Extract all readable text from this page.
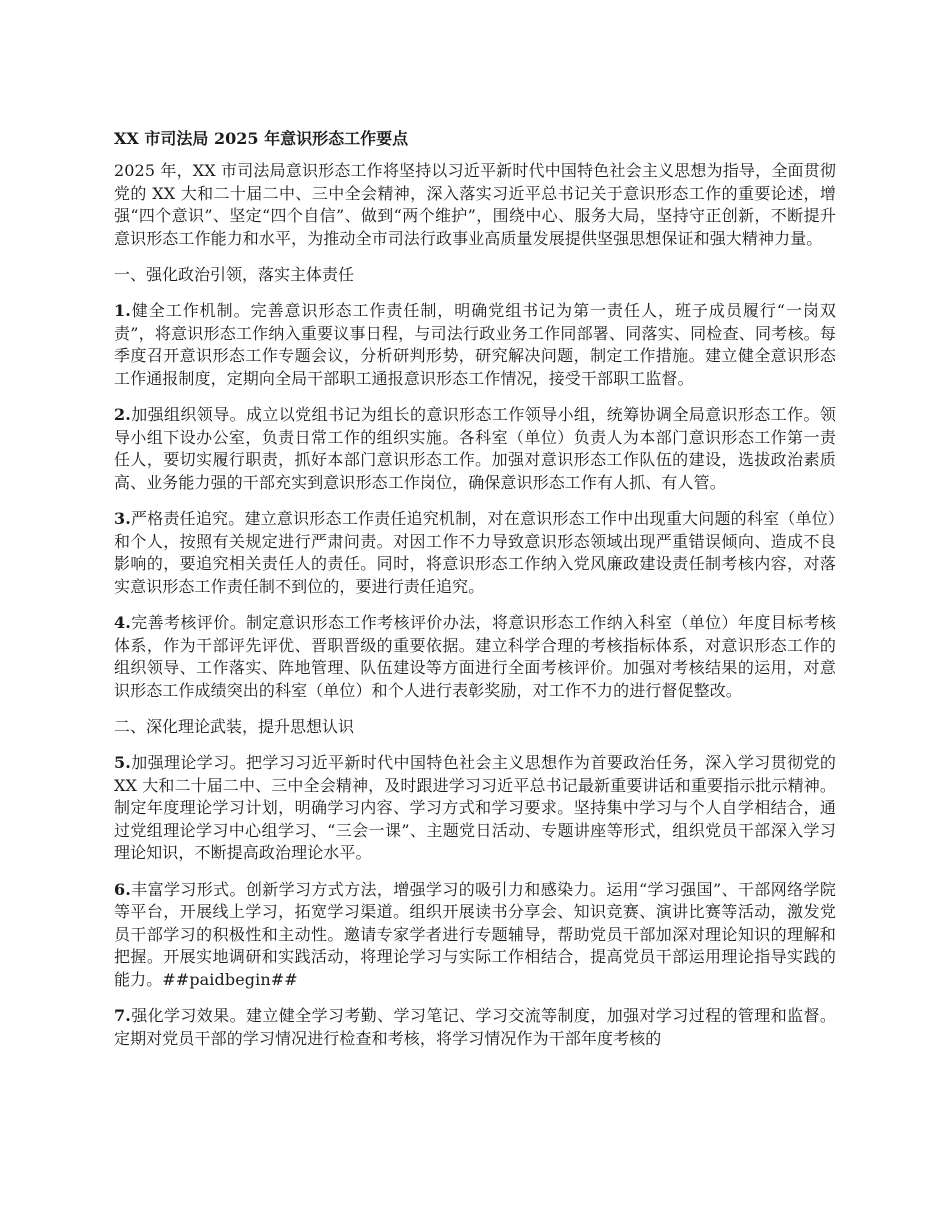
XX 市司法局 2025 年意识形态工作要点

2025 年，XX 市司法局意识形态工作将坚持以习近平新时代中国特色社会主义思想为指导，全面贯彻党的 XX 大和二十届二中、三中全会精神，深入落实习近平总书记关于意识形态工作的重要论述，增强“四个意识”、坚定“四个自信”、做到“两个维护”，围绕中心、服务大局，坚持守正创新，不断提升意识形态工作能力和水平，为推动全市司法行政事业高质量发展提供坚强思想保证和强大精神力量。

一、强化政治引领，落实主体责任

1.健全工作机制。完善意识形态工作责任制，明确党组书记为第一责任人，班子成员履行“一岗双责”，将意识形态工作纳入重要议事日程，与司法行政业务工作同部署、同落实、同检查、同考核。每季度召开意识形态工作专题会议，分析研判形势，研究解决问题，制定工作措施。建立健全意识形态工作通报制度，定期向全局干部职工通报意识形态工作情况，接受干部职工监督。

2.加强组织领导。成立以党组书记为组长的意识形态工作领导小组，统筹协调全局意识形态工作。领导小组下设办公室，负责日常工作的组织实施。各科室（单位）负责人为本部门意识形态工作第一责任人，要切实履行职责，抓好本部门意识形态工作。加强对意识形态工作队伍的建设，选拔政治素质高、业务能力强的干部充实到意识形态工作岗位，确保意识形态工作有人抓、有人管。

3.严格责任追究。建立意识形态工作责任追究机制，对在意识形态工作中出现重大问题的科室（单位）和个人，按照有关规定进行严肃问责。对因工作不力导致意识形态领域出现严重错误倾向、造成不良影响的，要追究相关责任人的责任。同时，将意识形态工作纳入党风廉政建设责任制考核内容，对落实意识形态工作责任制不到位的，要进行责任追究。

4.完善考核评价。制定意识形态工作考核评价办法，将意识形态工作纳入科室（单位）年度目标考核体系，作为干部评先评优、晋职晋级的重要依据。建立科学合理的考核指标体系，对意识形态工作的组织领导、工作落实、阵地管理、队伍建设等方面进行全面考核评价。加强对考核结果的运用，对意识形态工作成绩突出的科室（单位）和个人进行表彰奖励，对工作不力的进行督促整改。

二、深化理论武装，提升思想认识

5.加强理论学习。把学习习近平新时代中国特色社会主义思想作为首要政治任务，深入学习贯彻党的 XX 大和二十届二中、三中全会精神，及时跟进学习习近平总书记最新重要讲话和重要指示批示精神。制定年度理论学习计划，明确学习内容、学习方式和学习要求。坚持集中学习与个人自学相结合，通过党组理论学习中心组学习、“三会一课”、主题党日活动、专题讲座等形式，组织党员干部深入学习理论知识，不断提高政治理论水平。

6.丰富学习形式。创新学习方式方法，增强学习的吸引力和感染力。运用“学习强国”、干部网络学院等平台，开展线上学习，拓宽学习渠道。组织开展读书分享会、知识竞赛、演讲比赛等活动，激发党员干部学习的积极性和主动性。邀请专家学者进行专题辅导，帮助党员干部加深对理论知识的理解和把握。开展实地调研和实践活动，将理论学习与实际工作相结合，提高党员干部运用理论指导实践的能力。##paidbegin##

7.强化学习效果。建立健全学习考勤、学习笔记、学习交流等制度，加强对学习过程的管理和监督。定期对党员干部的学习情况进行检查和考核，将学习情况作为干部年度考核的
